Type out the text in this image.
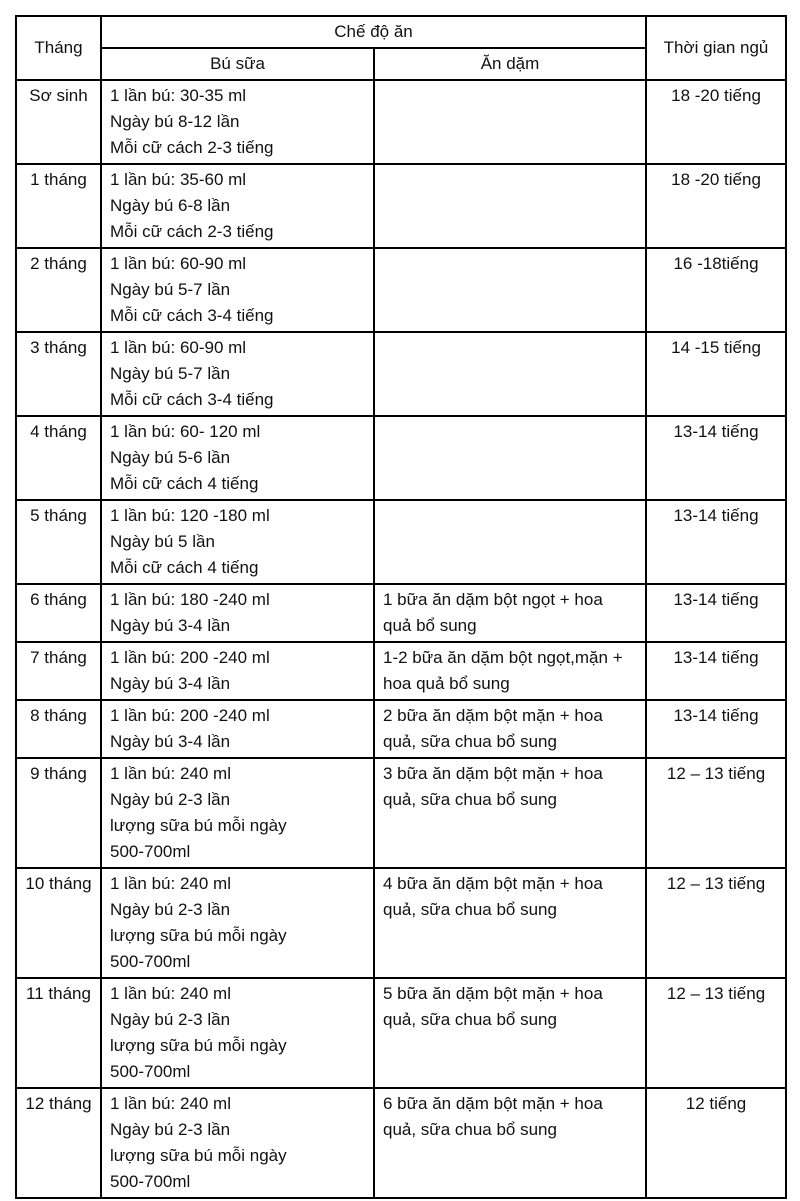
Tháng	Chế độ ăn		Thời gian ngủ
	Bú sữa	Ăn dặm	
Sơ sinh	1 lần bú: 30-35 ml
Ngày bú 8-12 lần
Mỗi cữ cách 2-3 tiếng		18 -20 tiếng
1 tháng	1 lần bú: 35-60 ml
Ngày bú 6-8 lần
Mỗi cữ cách 2-3 tiếng		18 -20 tiếng
2 tháng	1 lần bú: 60-90 ml
Ngày bú 5-7 lần
Mỗi cữ cách 3-4 tiếng		16 -18tiếng
3 tháng	1 lần bú: 60-90 ml
Ngày bú 5-7 lần
Mỗi cữ cách 3-4 tiếng		14 -15 tiếng
4 tháng	1 lần bú: 60- 120 ml
Ngày bú 5-6 lần
Mỗi cữ cách 4 tiếng		13-14 tiếng
5 tháng	1 lần bú: 120 -180 ml
Ngày bú 5 lần
Mỗi cữ cách 4 tiếng		13-14 tiếng
6 tháng	1 lần bú: 180 -240 ml
Ngày bú 3-4 lần	1 bữa ăn dặm bột ngọt + hoa
quả bổ sung	13-14 tiếng
7 tháng	1 lần bú: 200 -240 ml
Ngày bú 3-4 lần	1-2 bữa ăn dặm bột ngọt,mặn +
hoa quả bổ sung	13-14 tiếng
8 tháng	1 lần bú: 200 -240 ml
Ngày bú 3-4 lần	2 bữa ăn dặm bột mặn + hoa
quả, sữa chua bổ sung	13-14 tiếng
9 tháng	1 lần bú: 240 ml
Ngày bú 2-3 lần
lượng sữa bú mỗi ngày
500-700ml	3 bữa ăn dặm bột mặn + hoa
quả, sữa chua bổ sung	12 – 13 tiếng
10 tháng	1 lần bú: 240 ml
Ngày bú 2-3 lần
lượng sữa bú mỗi ngày
500-700ml	4 bữa ăn dặm bột mặn + hoa
quả, sữa chua bổ sung	12 – 13 tiếng
11 tháng	1 lần bú: 240 ml
Ngày bú 2-3 lần
lượng sữa bú mỗi ngày
500-700ml	5 bữa ăn dặm bột mặn + hoa
quả, sữa chua bổ sung	12 – 13 tiếng
12 tháng	1 lần bú: 240 ml
Ngày bú 2-3 lần
lượng sữa bú mỗi ngày
500-700ml	6 bữa ăn dặm bột mặn + hoa
quả, sữa chua bổ sung	12 tiếng
